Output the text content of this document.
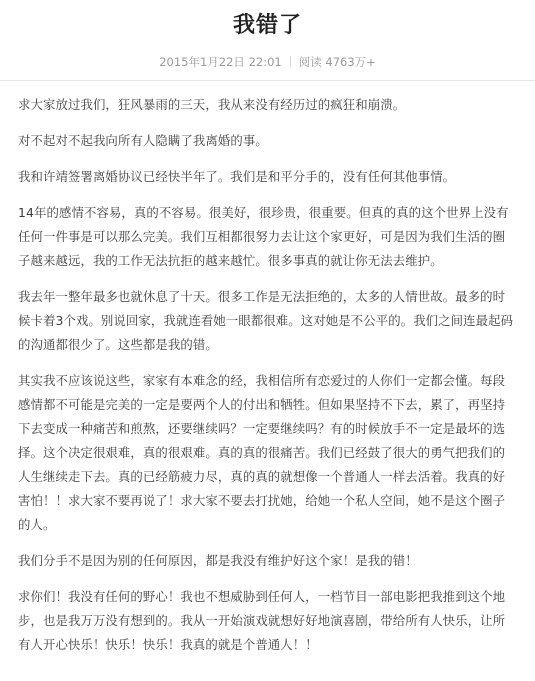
我错了
2015年1月22日 22:01 阅读 4763万+

求大家放过我们，狂风暴雨的三天，我从来没有经历过的疯狂和崩溃。

对不起对不起我向所有人隐瞒了我离婚的事。

我和许靖签署离婚协议已经快半年了。我们是和平分手的，没有任何其他事情。

14年的感情不容易，真的不容易。很美好，很珍贵，很重要。但真的真的这个世界上没有任何一件事是可以那么完美。我们互相都很努力去让这个家更好，可是因为我们生活的圈子越来越远，我的工作无法抗拒的越来越忙。很多事真的就让你无法去维护。

我去年一整年最多也就休息了十天。很多工作是无法拒绝的，太多的人情世故。最多的时候卡着3个戏。别说回家，我就连看她一眼都很难。这对她是不公平的。我们之间连最起码的沟通都很少了。这些都是我的错。

其实我不应该说这些，家家有本难念的经，我相信所有恋爱过的人你们一定都会懂。每段感情都不可能是完美的一定是要两个人的付出和牺牲。但如果坚持不下去，累了，再坚持下去变成一种痛苦和煎熬，还要继续吗？一定要继续吗？有的时候放手不一定是最坏的选择。这个决定很艰难，真的很艰难。真的真的很痛苦。我们已经鼓了很大的勇气把我们的人生继续走下去。真的已经筋疲力尽，真的真的就想像一个普通人一样去活着。我真的好害怕！！求大家不要再说了！求大家不要去打扰她，给她一个私人空间，她不是这个圈子的人。

我们分手不是因为别的任何原因，都是我没有维护好这个家！是我的错！

求你们！我没有任何的野心！我也不想威胁到任何人，一档节目一部电影把我推到这个地步，也是我万万没有想到的。我从一开始演戏就想好好地演喜剧，带给所有人快乐，让所有人开心快乐！快乐！快乐！我真的就是个普通人！！
